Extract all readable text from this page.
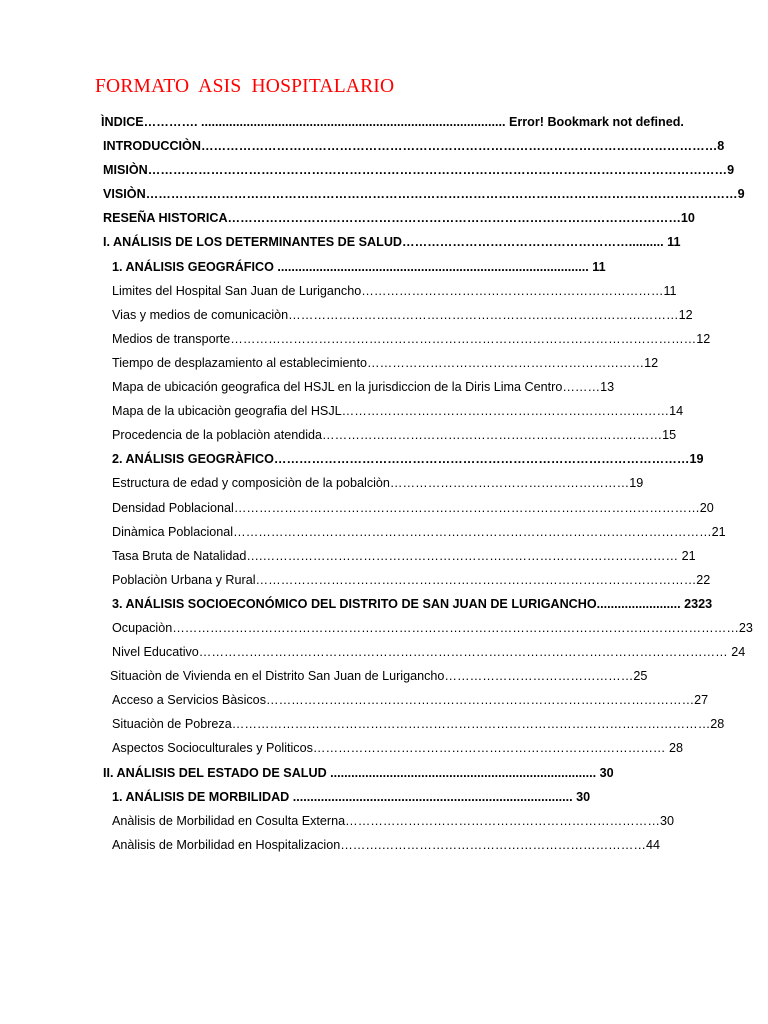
FORMATO  ASIS  HOSPITALARIO
ÌNDICE…………. ....................................................................................... Error! Bookmark not defined.
INTRODUCCIÒN……………………………………………………………………………………………………………8
MISIÒN…………………………………………………………………………………………………………………………9
VISIÒN……………………………………………………………………………………………………………………………9
RESEÑA HISTORICA………………………………………………………………………………………………10
I. ANÁLISIS DE LOS DETERMINANTES DE SALUD……………………………………………….......... 11
1. ANÁLISIS GEOGRÁFICO ......................................................................................... 11
Limites del Hospital San Juan de Lurigancho………………………………………………………………11
Vias y medios de comunicaciòn…………………………………………………………………………………12
Medios de transporte…………………………………………………………………………………………………12
Tiempo de desplazamiento al establecimiento…………………………………………………………12
Mapa de ubicación geografica del HSJL en la jurisdiccion de la Diris Lima Centro………13
Mapa de la ubicaciòn geografia del HSJL……………………………………………………………………14
Procedencia de la poblaciòn atendida………………………………………………………………………15
2. ANÁLISIS GEOGRÀFICO………………………………………………………………………………………19
Estructura de edad y composiciòn de la pobalciòn…………………………………………………19
Densidad Poblacional…………………………………………………………………………………………………20
Dinàmica Poblacional……………………………………………………………………………………………………21
Tasa Bruta de Natalidad….……………………………………………………………………………………… 21
Poblaciòn Urbana y Rural……………………………………………………………………………………………22
3. ANÁLISIS SOCIOECONÓMICO DEL DISTRITO DE SAN JUAN DE LURIGANCHO........................ 2323
Ocupaciòn………………………………………………………………………………………………………………………23
Nivel Educativo……………………………………………………………………………………………………………… 24
Situaciòn de Vivienda en el Distrito San Juan de Lurigancho………………………………………25
Acceso a Servicios Bàsicos…………………………………………………………………………………………27
Situaciòn de Pobreza……………………………………………………………………………………………………28
Aspectos Socioculturales y Politicos………………………………………………………………………… 28
II. ANÁLISIS DEL ESTADO DE SALUD ............................................................................ 30
1. ANÁLISIS DE MORBILIDAD ................................................................................ 30
Anàlisis de Morbilidad en Cosulta Externa…………………………………………………………………30
Anàlisis de Morbilidad en Hospitalizacion……….………………………………………………………44
